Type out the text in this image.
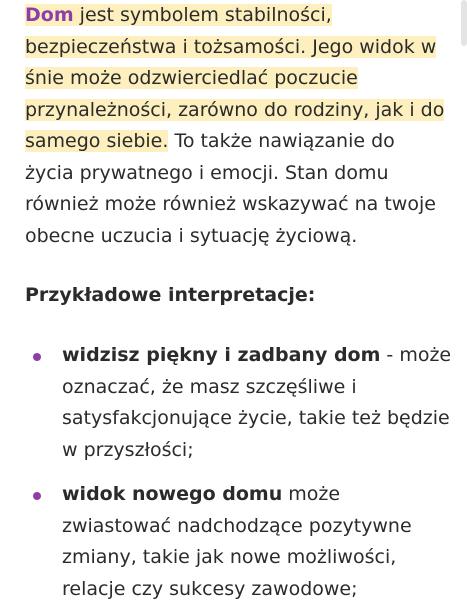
Dom jest symbolem stabilności, bezpieczeństwa i tożsamości. Jego widok w śnie może odzwierciedlać poczucie przynależności, zarówno do rodziny, jak i do samego siebie. To także nawiązanie do życia prywatnego i emocji. Stan domu również może również wskazywać na twoje obecne uczucia i sytuację życiową.

Przykładowe interpretacje:

widzisz piękny i zadbany dom - może oznaczać, że masz szczęśliwe i satysfakcjonujące życie, takie też będzie w przyszłości;

widok nowego domu może zwiastować nadchodzące pozytywne zmiany, takie jak nowe możliwości, relacje czy sukcesy zawodowe;
